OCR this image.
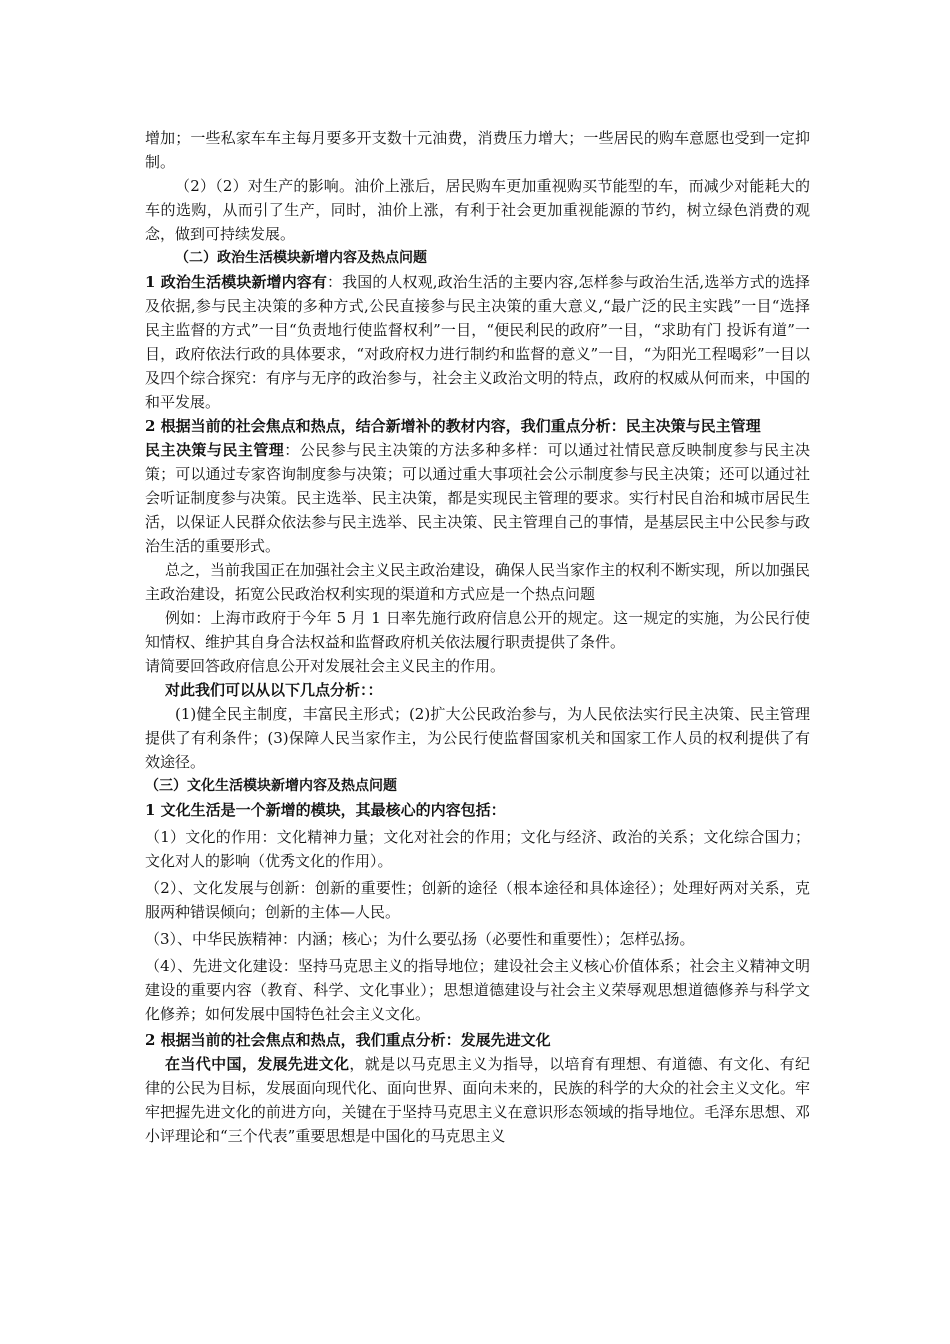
增加；一些私家车车主每月要多开支数十元油费，消费压力增大；一些居民的购车意愿也受到一定抑制。

（2）（2）对生产的影响。油价上涨后，居民购车更加重视购买节能型的车，而减少对能耗大的车的选购，从而引了生产，同时，油价上涨，有利于社会更加重视能源的节约，树立绿色消费的观念，做到可持续发展。

（二）政治生活模块新增内容及热点问题

1 政治生活模块新增内容有：我国的人权观,政治生活的主要内容,怎样参与政治生活,选举方式的选择及依据,参与民主决策的多种方式,公民直接参与民主决策的重大意义,“最广泛的民主实践”一目“选择民主监督的方式”一目“负责地行使监督权利”一目，“便民利民的政府”一目，“求助有门 投诉有道”一目，政府依法行政的具体要求，“对政府权力进行制约和监督的意义”一目，“为阳光工程喝彩”一目以及四个综合探究：有序与无序的政治参与，社会主义政治文明的特点，政府的权威从何而来，中国的和平发展。

2 根据当前的社会焦点和热点，结合新增补的教材内容，我们重点分析：民主决策与民主管理

民主决策与民主管理：公民参与民主决策的方法多种多样：可以通过社情民意反映制度参与民主决策；可以通过专家咨询制度参与决策；可以通过重大事项社会公示制度参与民主决策；还可以通过社会听证制度参与决策。民主选举、民主决策，都是实现民主管理的要求。实行村民自治和城市居民生活，以保证人民群众依法参与民主选举、民主决策、民主管理自己的事情，是基层民主中公民参与政治生活的重要形式。

总之，当前我国正在加强社会主义民主政治建设，确保人民当家作主的权利不断实现，所以加强民主政治建设，拓宽公民政治权利实现的渠道和方式应是一个热点问题

例如：上海市政府于今年 5 月 1 日率先施行政府信息公开的规定。这一规定的实施，为公民行使知情权、维护其自身合法权益和监督政府机关依法履行职责提供了条件。

请简要回答政府信息公开对发展社会主义民主的作用。

对此我们可以从以下几点分析：：

(1)健全民主制度，丰富民主形式；(2)扩大公民政治参与，为人民依法实行民主决策、民主管理提供了有利条件；(3)保障人民当家作主，为公民行使监督国家机关和国家工作人员的权利提供了有效途径。

（三）文化生活模块新增内容及热点问题

1 文化生活是一个新增的模块，其最核心的内容包括：

（1）文化的作用：文化精神力量；文化对社会的作用；文化与经济、政治的关系；文化综合国力；文化对人的影响（优秀文化的作用）。

（2）、文化发展与创新：创新的重要性；创新的途径（根本途径和具体途径）；处理好两对关系，克服两种错误倾向；创新的主体—人民。

（3）、中华民族精神：内涵；核心；为什么要弘扬（必要性和重要性）；怎样弘扬。

（4）、先进文化建设：坚持马克思主义的指导地位；建设社会主义核心价值体系；社会主义精神文明建设的重要内容（教育、科学、文化事业）；思想道德建设与社会主义荣辱观思想道德修养与科学文化修养；如何发展中国特色社会主义文化。

2 根据当前的社会焦点和热点，我们重点分析：发展先进文化

在当代中国，发展先进文化，就是以马克思主义为指导，以培育有理想、有道德、有文化、有纪律的公民为目标，发展面向现代化、面向世界、面向未来的，民族的科学的大众的社会主义文化。牢牢把握先进文化的前进方向，关键在于坚持马克思主义在意识形态领域的指导地位。毛泽东思想、邓小评理论和“三个代表”重要思想是中国化的马克思主义
